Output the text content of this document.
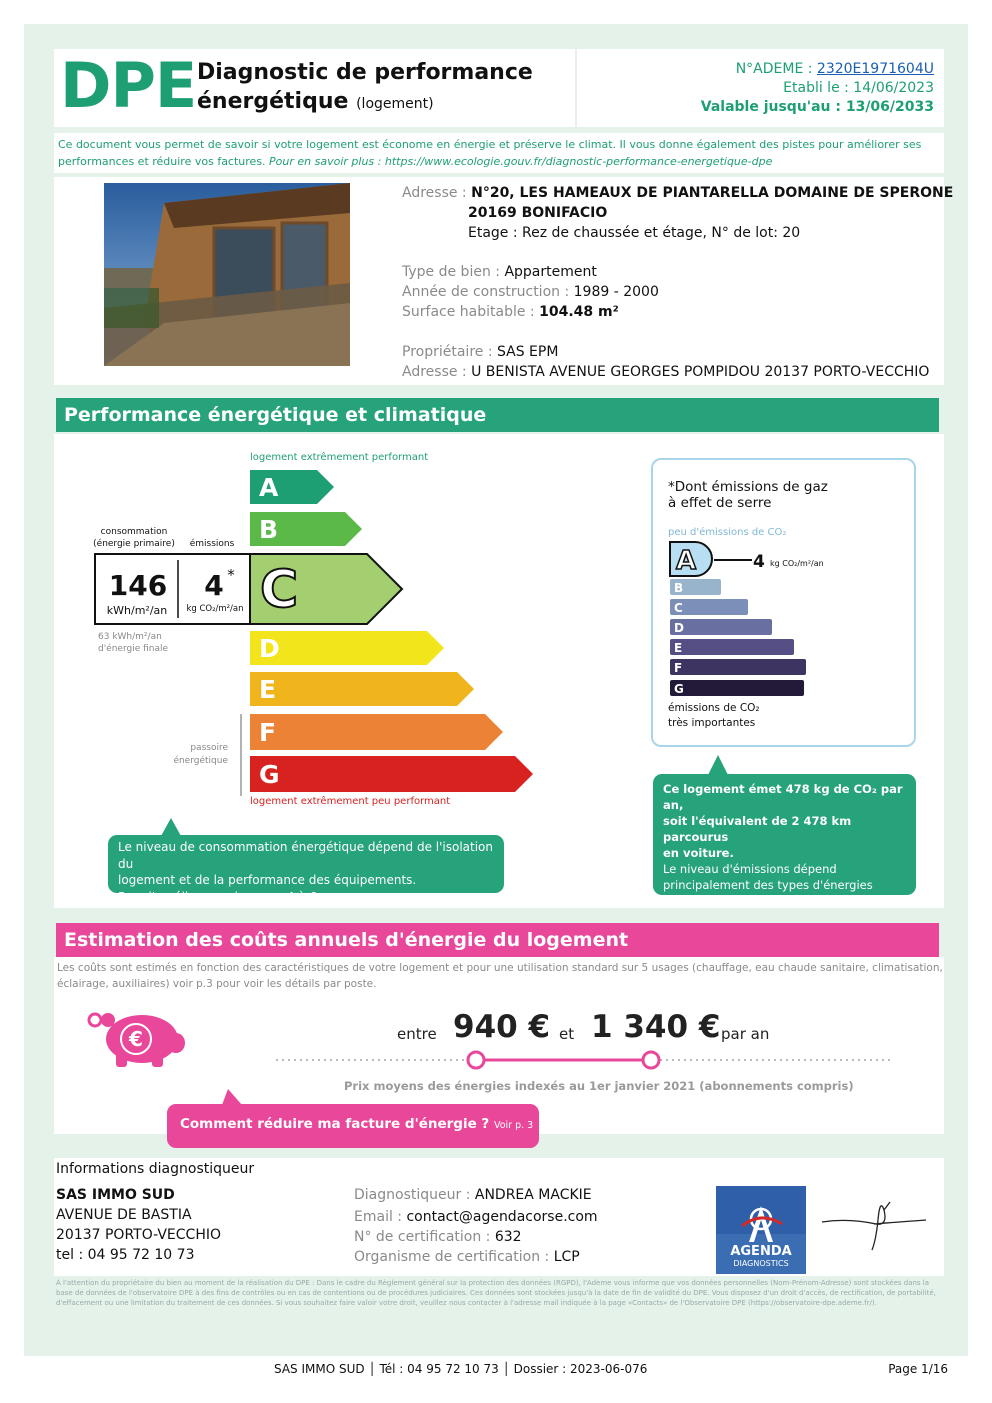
DPE Diagnostic de performance
énergétique (logement)
N°ADEME : 2320E1971604U
Etabli le : 14/06/2023
Valable jusqu'au : 13/06/2033
Ce document vous permet de savoir si votre logement est économe en énergie et préserve le climat. Il vous donne également des pistes pour améliorer ses performances et réduire vos factures. Pour en savoir plus : https://www.ecologie.gouv.fr/diagnostic-performance-energetique-dpe
Adresse : N°20, LES HAMEAUX DE PIANTARELLA DOMAINE DE SPERONE
20169 BONIFACIO
Etage : Rez de chaussée et étage, N° de lot: 20
Type de bien : Appartement
Année de construction : 1989 - 2000
Surface habitable : 104.48 m²
Propriétaire : SAS EPM
Adresse : U BENISTA AVENUE GEORGES POMPIDOU 20137 PORTO-VECCHIO
Performance énergétique et climatique
logement extrêmement performant
logement extrêmement peu performant
A
B
C
D
E
F
G
passoire
énergétique
consommation
(énergie primaire) émissions
146
kWh/m²/an
4 *
kg CO₂/m²/an
63 kWh/m²/an
d'énergie finale
*Dont émissions de gaz
à effet de serre
peu d'émissions de CO₂
émissions de CO₂
très importantes
A
B
C
D
E
F
G
4 kg CO₂/m²/an
Le niveau de consommation énergétique dépend de l'isolation du
logement et de la performance des équipements.
Pour l'améliorer, voir pages 4 à 6
Ce logement émet 478 kg de CO₂ par an,
soit l'équivalent de 2 478 km parcourus
en voiture.
Le niveau d'émissions dépend
principalement des types d'énergies
utilisées (bois, électricité, gaz, fioul, etc.)
Estimation des coûts annuels d'énergie du logement
Les coûts sont estimés en fonction des caractéristiques de votre logement et pour une utilisation standard sur 5 usages (chauffage, eau chaude sanitaire, climatisation,
éclairage, auxiliaires) voir p.3 pour voir les détails par poste.
€	entre 940 € et 1 340 € par an
Prix moyens des énergies indexés au 1er janvier 2021 (abonnements compris)
Comment réduire ma facture d'énergie ? Voir p. 3
Informations diagnostiqueur
SAS IMMO SUD
AVENUE DE BASTIA
20137 PORTO-VECCHIO
tel : 04 95 72 10 73
Diagnostiqueur : ANDREA MACKIE
Email : contact@agendacorse.com
N° de certification : 632
Organisme de certification : LCP	AGENDA
DIAGNOSTICS
À l'attention du propriétaire du bien au moment de la réalisation du DPE : Dans le cadre du Règlement général sur la protection des données (RGPD), l'Ademe vous informe que vos données personnelles (Nom-Prénom-Adresse) sont stockées dans la base de données de l'observatoire DPE à des fins de contrôles ou en cas de contentions ou de procédures judiciaires. Ces données sont stockées jusqu'à la date de fin de validité du DPE. Vous disposez d'un droit d'accès, de rectification, de portabilité, d'effacement ou une limitation du traitement de ces données. Si vous souhaitez faire valoir votre droit, veuillez nous contacter à l'adresse mail indiquée à la page «Contacts» de l'Observatoire DPE (https://observatoire-dpe.ademe.fr/).
SAS IMMO SUD │ Tél : 04 95 72 10 73 │ Dossier : 2023-06-076	Page 1/16
